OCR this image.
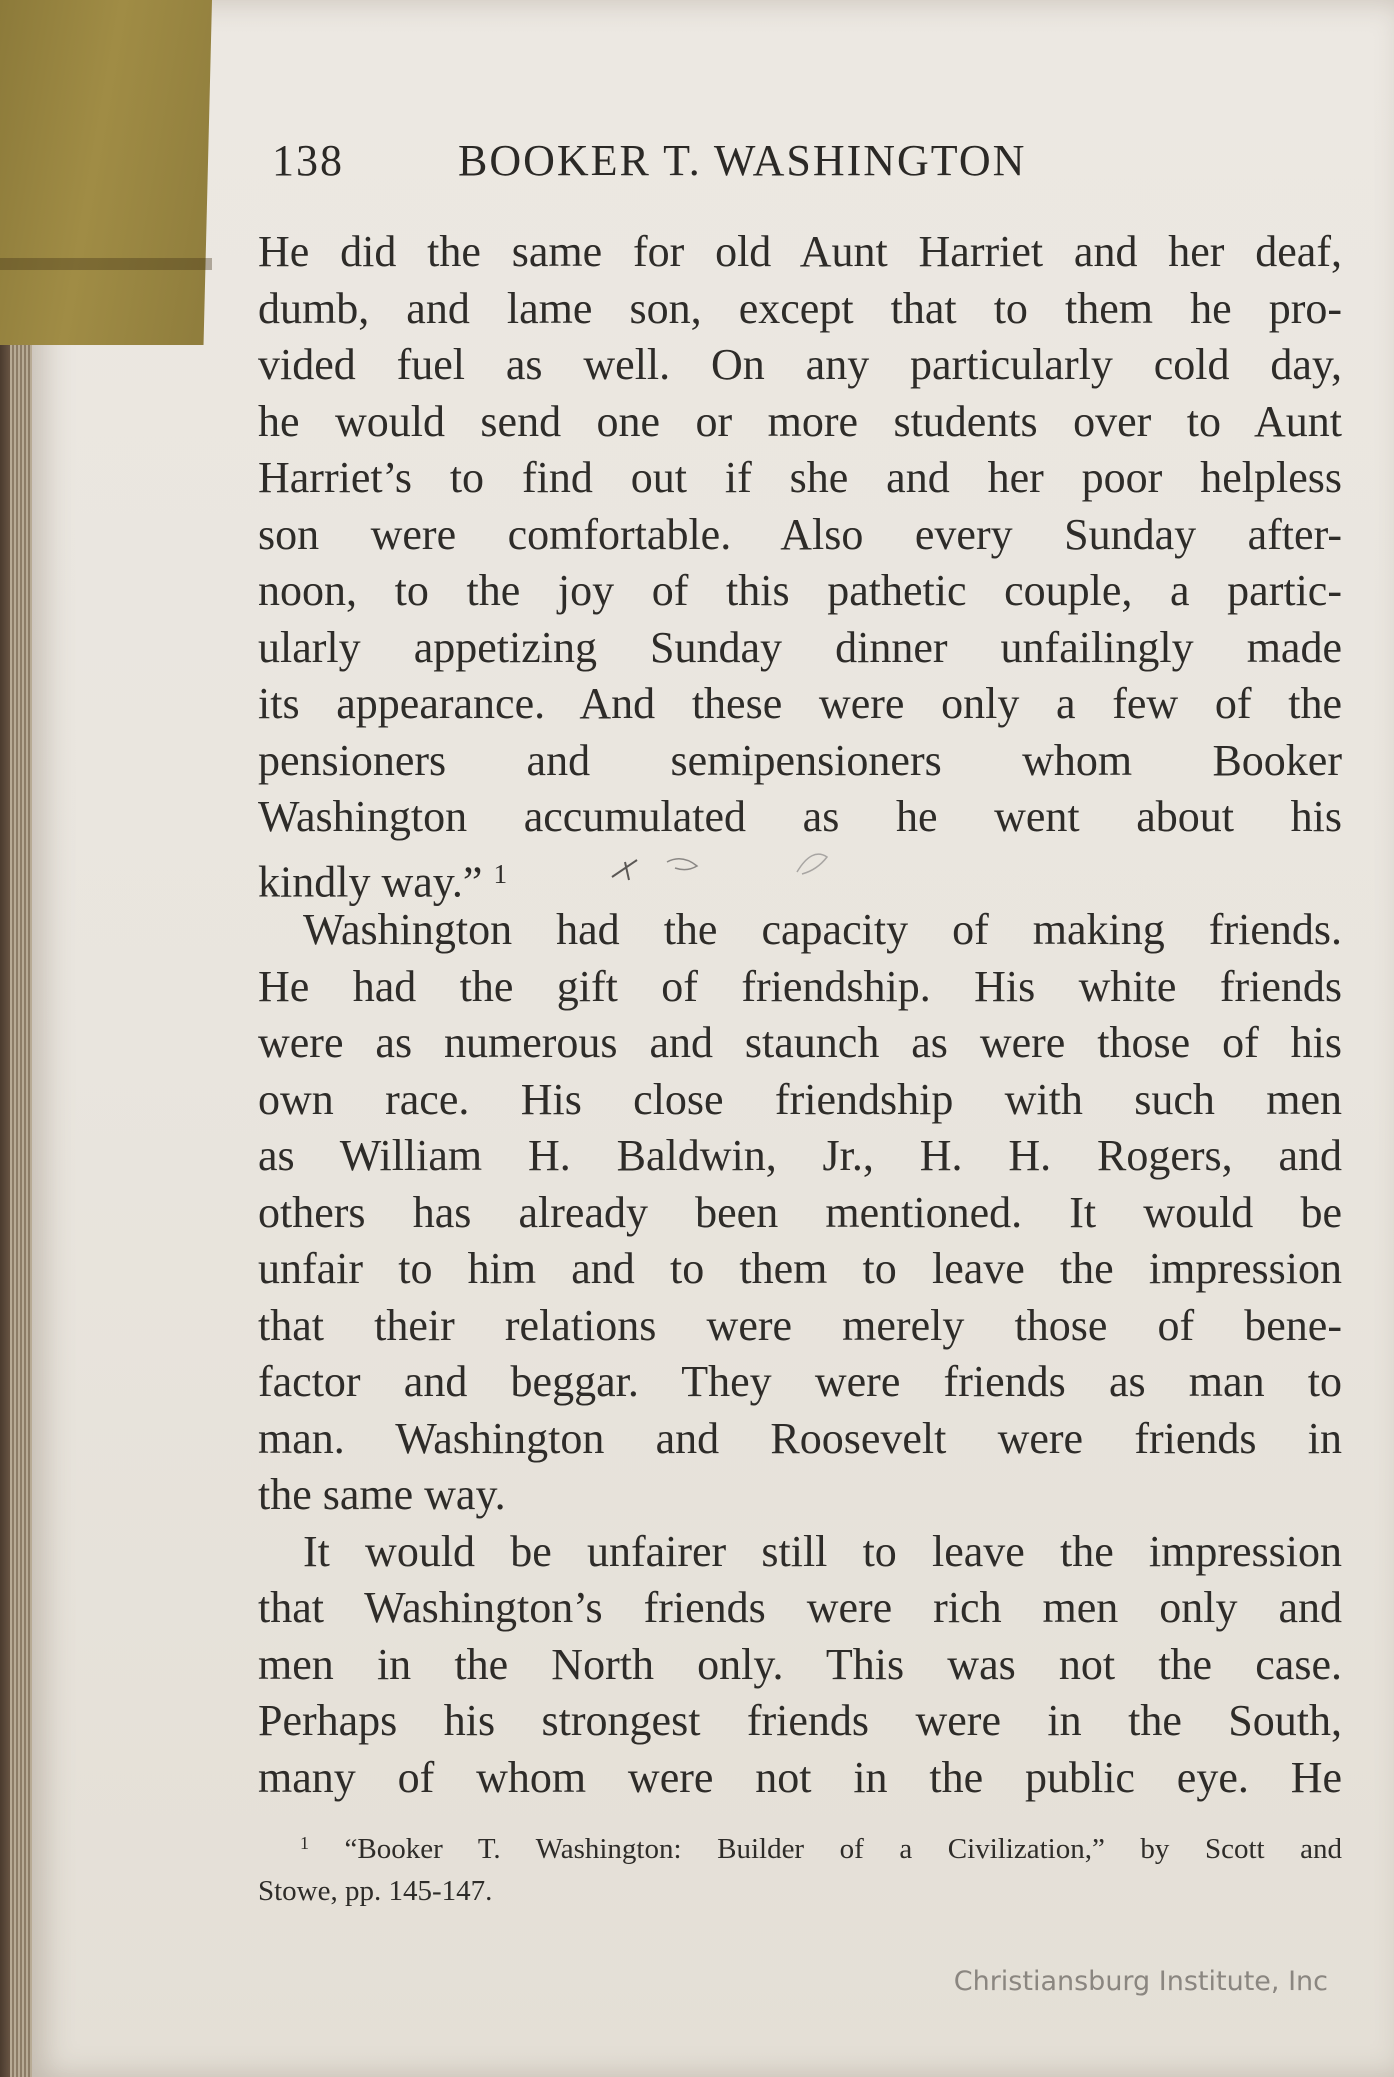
138	BOOKER T. WASHINGTON
He did the same for old Aunt Harriet and her deaf,
dumb, and lame son, except that to them he pro-
vided fuel as well. On any particularly cold day,
he would send one or more students over to Aunt
Harriet’s to find out if she and her poor helpless
son were comfortable. Also every Sunday after-
noon, to the joy of this pathetic couple, a partic-
ularly appetizing Sunday dinner unfailingly made
its appearance. And these were only a few of the
pensioners and semipensioners whom Booker
Washington accumulated as he went about his
kindly way.” $^1$
Washington had the capacity of making friends.
He had the gift of friendship. His white friends
were as numerous and staunch as were those of his
own race. His close friendship with such men
as William H. Baldwin, Jr., H. H. Rogers, and
others has already been mentioned. It would be
unfair to him and to them to leave the impression
that their relations were merely those of bene-
factor and beggar. They were friends as man to
man. Washington and Roosevelt were friends in
the same way.
It would be unfairer still to leave the impression
that Washington’s friends were rich men only and
men in the North only. This was not the case.
Perhaps his strongest friends were in the South,
many of whom were not in the public eye. He
$^1$ “Booker T. Washington: Builder of a Civilization,” by Scott and
Stowe, pp. 145-147.
Christiansburg Institute, Inc
